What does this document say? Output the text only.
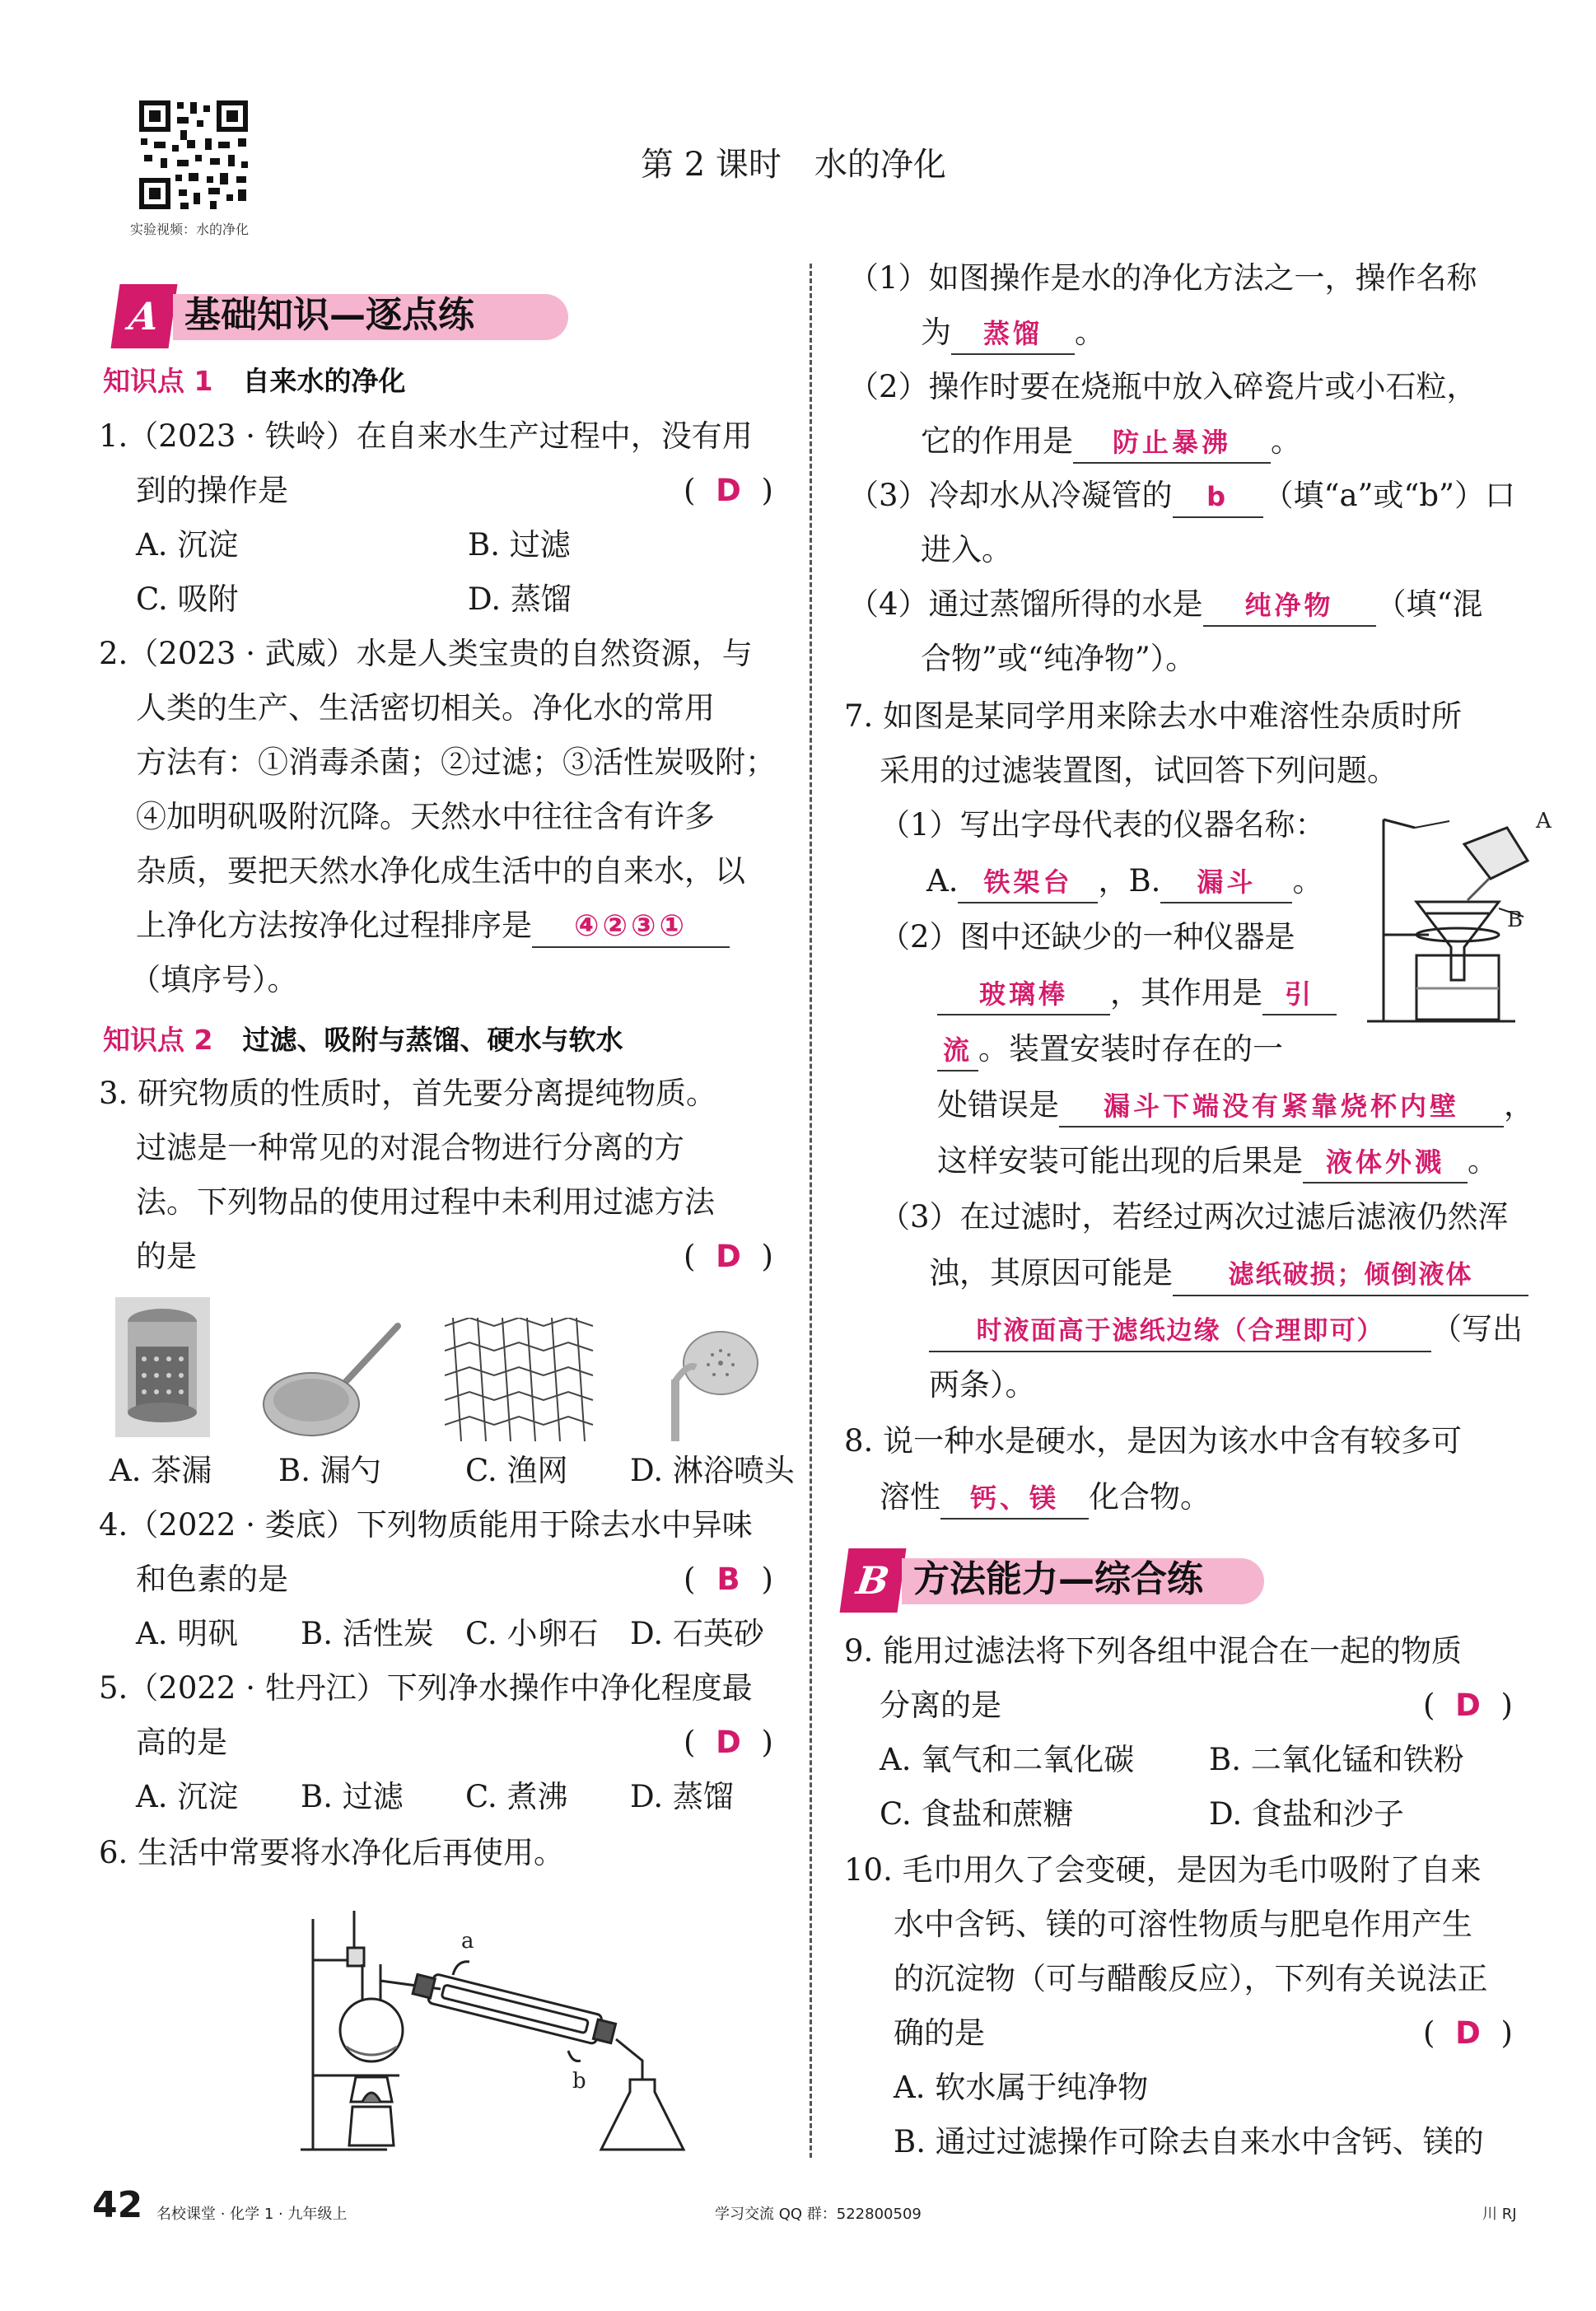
实验视频：水的净化
第 2 课时　水的净化
A 基础知识—逐点练
知识点 1 自来水的净化
1.（2023 · 铁岭）在自来水生产过程中，没有用
到的操作是	( D )
A. 沉淀	B. 过滤
C. 吸附	D. 蒸馏
2.（2023 · 武威）水是人类宝贵的自然资源，与
人类的生产、生活密切相关。净化水的常用
方法有：①消毒杀菌；②过滤；③活性炭吸附；
④加明矾吸附沉降。天然水中往往含有许多
杂质，要把天然水净化成生活中的自来水，以
上净化方法按净化过程排序是 ④②③①
（填序号）。
知识点 2 过滤、吸附与蒸馏、硬水与软水
3. 研究物质的性质时，首先要分离提纯物质。
过滤是一种常见的对混合物进行分离的方
法。下列物品的使用过程中未利用过滤方法
的是	( D )
A. 茶漏 B. 漏勺	C. 渔网 D. 淋浴喷头
4.（2022 · 娄底）下列物质能用于除去水中异味
和色素的是	( B )
A. 明矾 B. 活性炭 C. 小卵石 D. 石英砂
5.（2022 · 牡丹江）下列净水操作中净化程度最
高的是	( D )
A. 沉淀 B. 过滤 C. 煮沸 D. 蒸馏
6. 生活中常要将水净化后再使用。
a
b
（1）如图操作是水的净化方法之一，操作名称
为 蒸馏 。
（2）操作时要在烧瓶中放入碎瓷片或小石粒，
它的作用是 防止暴沸 。
（3）冷却水从冷凝管的 b （填“a”或“b”）口
进入。
（4）通过蒸馏所得的水是 纯净物 （填“混
合物”或“纯净物”）。
7. 如图是某同学用来除去水中难溶性杂质时所
采用的过滤装置图，试回答下列问题。
（1）写出字母代表的仪器名称：
A. 铁架台 ，B. 漏斗 。
A
B
（2）图中还缺少的一种仪器是
玻璃棒 ，其作用是 引
流 。装置安装时存在的一
处错误是 漏斗下端没有紧靠烧杯内壁 ，
这样安装可能出现的后果是 液体外溅 。
（3）在过滤时，若经过两次过滤后滤液仍然浑
浊，其原因可能是 滤纸破损；倾倒液体
时液面高于滤纸边缘（合理即可） （写出
两条）。
8. 说一种水是硬水，是因为该水中含有较多可
溶性 钙、镁 化合物。
B 方法能力—综合练
9. 能用过滤法将下列各组中混合在一起的物质
分离的是	( D )
A. 氧气和二氧化碳 B. 二氧化锰和铁粉
C. 食盐和蔗糖	D. 食盐和沙子
10. 毛巾用久了会变硬，是因为毛巾吸附了自来
水中含钙、镁的可溶性物质与肥皂作用产生
的沉淀物（可与醋酸反应），下列有关说法正
确的是	( D )
A. 软水属于纯净物
B. 通过过滤操作可除去自来水中含钙、镁的
42 名校课堂 · 化学 1 · 九年级上	学习交流 QQ 群：522800509	川 RJ
